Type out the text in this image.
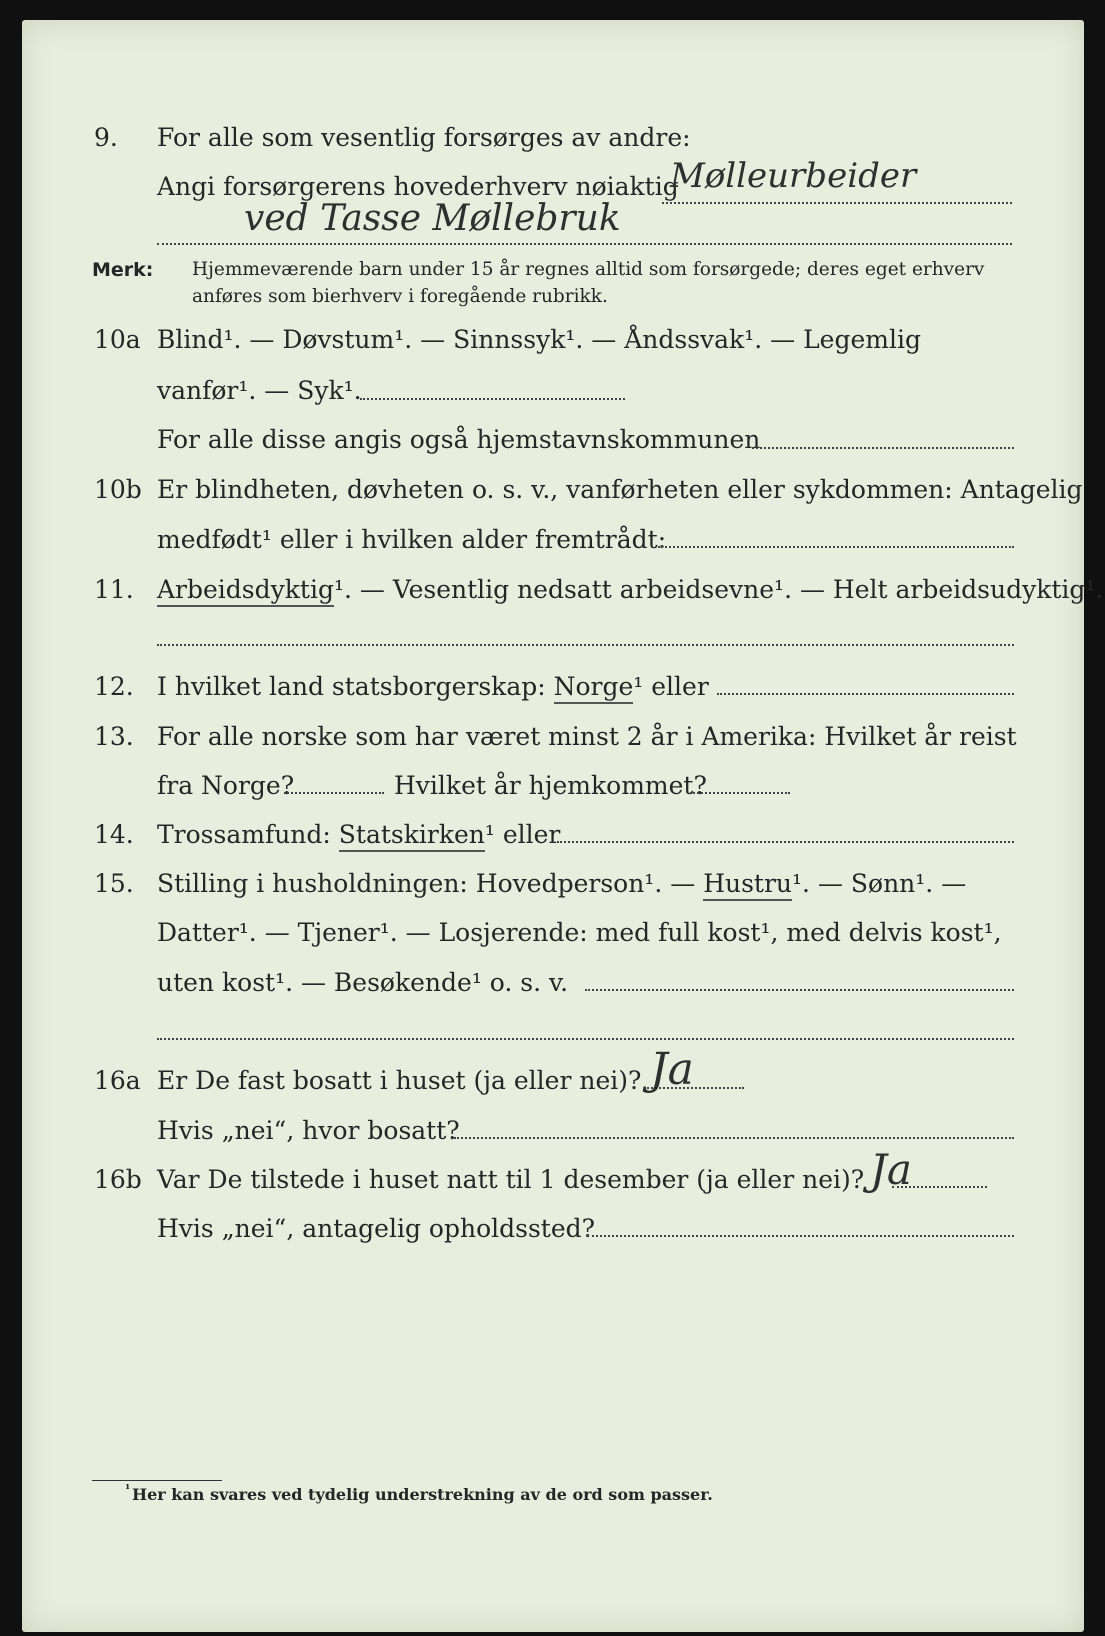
9. For alle som vesentlig forsørges av andre:
Angi forsørgerens hovederhverv nøiaktig
Mølleurbeider
ved Tasse Møllebruk
Merk: Hjemmeværende barn under 15 år regnes alltid som forsørgede; deres eget erhverv
anføres som bierhverv i foregående rubrikk.
10a Blind¹. — Døvstum¹. — Sinnssyk¹. — Åndssvak¹. — Legemlig
vanfør¹. — Syk¹.
For alle disse angis også hjemstavnskommunen
10b Er blindheten, døvheten o. s. v., vanførheten eller sykdommen: Antagelig
medfødt¹ eller i hvilken alder fremtrådt:
11. Arbeidsdyktig¹. — Vesentlig nedsatt arbeidsevne¹. — Helt arbeidsudyktig¹.
12. I hvilket land statsborgerskap: Norge¹ eller
13. For alle norske som har været minst 2 år i Amerika: Hvilket år reist
fra Norge?	Hvilket år hjemkommet?
14. Trossamfund: Statskirken¹ eller
15. Stilling i husholdningen: Hovedperson¹. — Hustru¹. — Sønn¹. —
Datter¹. — Tjener¹. — Losjerende: med full kost¹, med delvis kost¹,
uten kost¹. — Besøkende¹ o. s. v.
16a Er De fast bosatt i huset (ja eller nei)? Ja
Hvis „nei“, hvor bosatt?
16b Var De tilstede i huset natt til 1 desember (ja eller nei)? Ja
Hvis „nei“, antagelig opholdssted?
¹ Her kan svares ved tydelig understrekning av de ord som passer.
